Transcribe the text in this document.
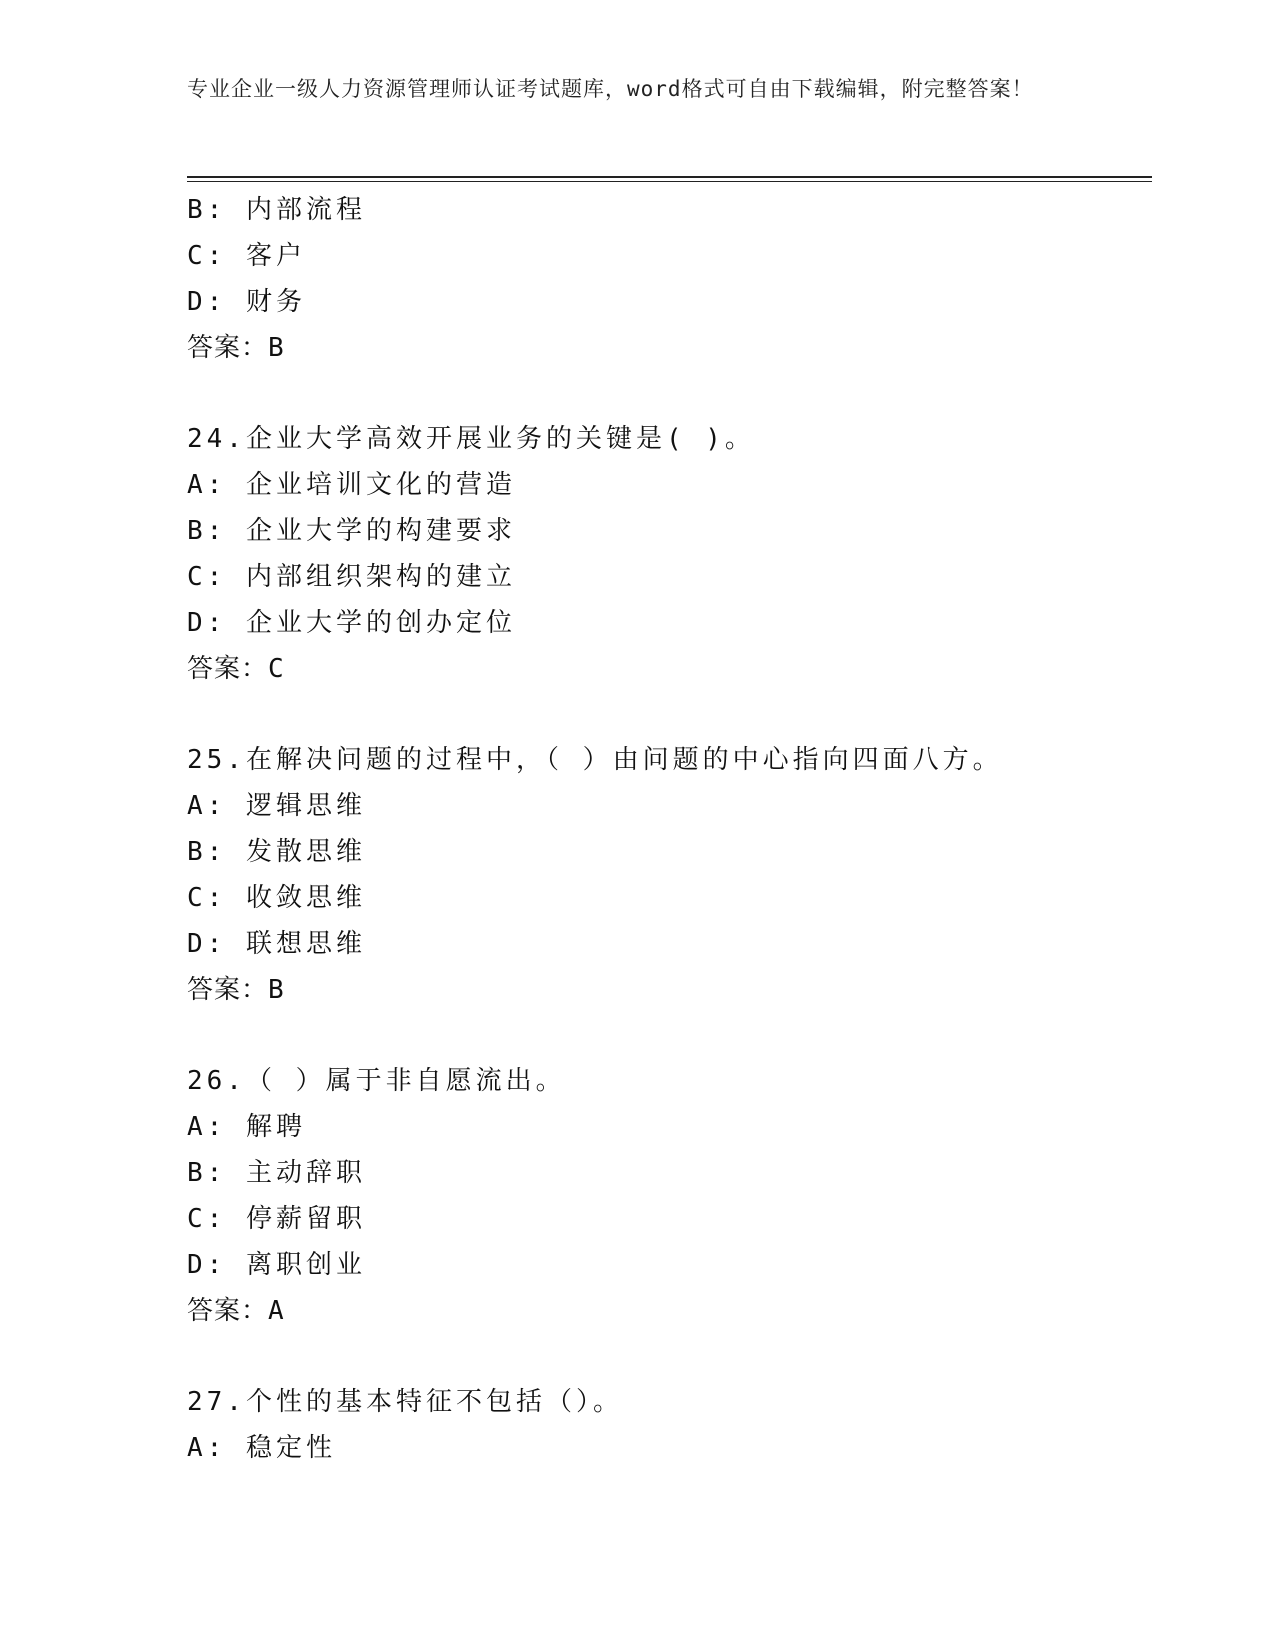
专业企业一级人力资源管理师认证考试题库，word格式可自由下载编辑，附完整答案！
B: 内部流程
C: 客户
D: 财务
答案：B
24.企业大学高效开展业务的关键是( )。
A: 企业培训文化的营造
B: 企业大学的构建要求
C: 内部组织架构的建立
D: 企业大学的创办定位
答案：C
25.在解决问题的过程中，（ ）由问题的中心指向四面八方。
A: 逻辑思维
B: 发散思维
C: 收敛思维
D: 联想思维
答案：B
26.（ ）属于非自愿流出。
A: 解聘
B: 主动辞职
C: 停薪留职
D: 离职创业
答案：A
27.个性的基本特征不包括（）。
A: 稳定性
